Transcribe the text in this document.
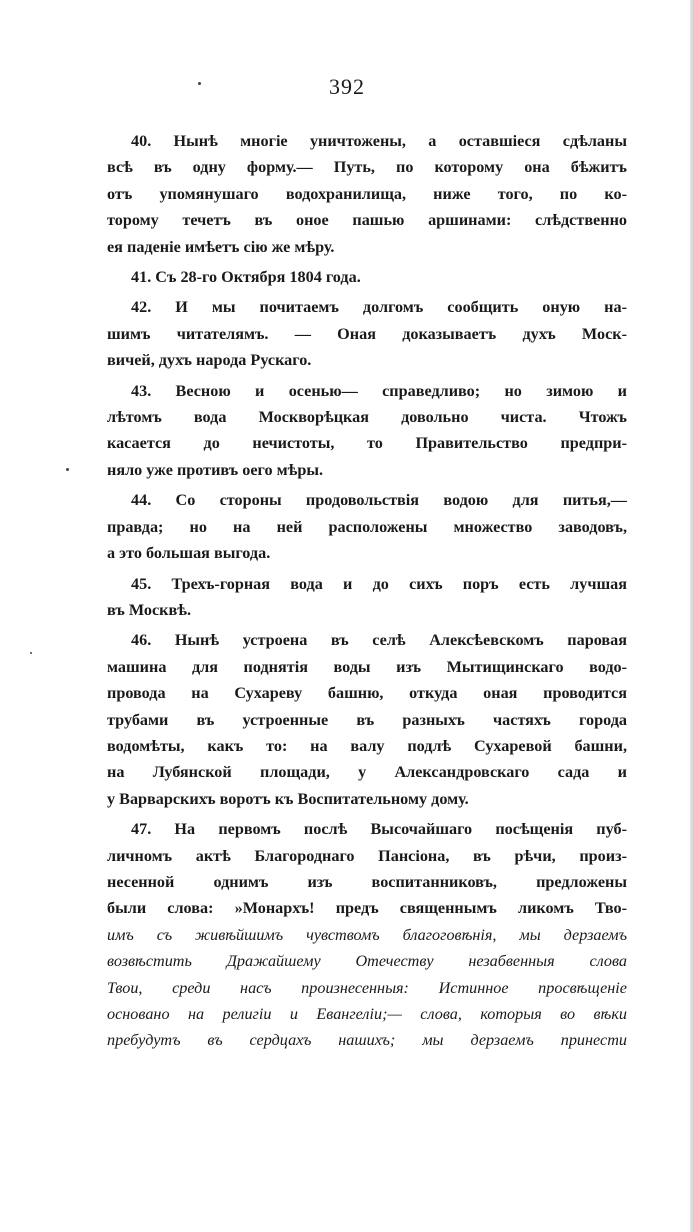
392
40. Нынѣ многіе уничтожены, а оставшіеся сдѣланы
всѣ въ одну форму.— Путь, по которому она бѣжитъ
отъ упомянушаго водохранилища, ниже того, по ко-
торому течетъ въ оное пашью аршинами: слѣдственно
ея паденіе имѣетъ сію же мѣру.
41. Съ 28-го Октября 1804 года.
42. И мы почитаемъ долгомъ сообщить оную на-
шимъ читателямъ. — Оная доказываетъ духъ Моск-
вичей, духъ народа Рускаго.
43. Весною и осенью— справедливо; но зимою и
лѣтомъ вода Москворѣцкая довольно чиста. Чтожъ
касается до нечистоты, то Правительство предпри-
няло уже противъ оего мѣры.
44. Со стороны продовольствія водою для питья,—
правда; но на ней расположены множество заводовъ,
а это большая выгода.
45. Трехъ-горная вода и до сихъ поръ есть лучшая
въ Москвѣ.
46. Нынѣ устроена въ селѣ Алексѣевскомъ паровая
машина для поднятія воды изъ Мытищинскаго водо-
провода на Сухареву башню, откуда оная проводится
трубами въ устроенные въ разныхъ частяхъ города
водомѣты, какъ то: на валу подлѣ Сухаревой башни,
на Лубянской площади, у Александровскаго сада и
у Варварскихъ воротъ къ Воспитательному дому.
47. На первомъ послѣ Высочайшаго посѣщенія пуб-
личномъ актѣ Благороднаго Пансіона, въ рѣчи, произ-
несенной однимъ изъ воспитанниковъ, предложены
были слова: »Монархъ! предъ священнымъ ликомъ Тво-
имъ съ живѣйшимъ чувствомъ благоговѣнія, мы дерзаемъ
возвѣстить Дражайшему Отечеству незабвенныя слова
Твои, среди насъ произнесенныя: Истинное просвѣщеніе
основано на религіи и Евангеліи;— слова, которыя во вѣки
пребудутъ въ сердцахъ нашихъ; мы дерзаемъ принести
